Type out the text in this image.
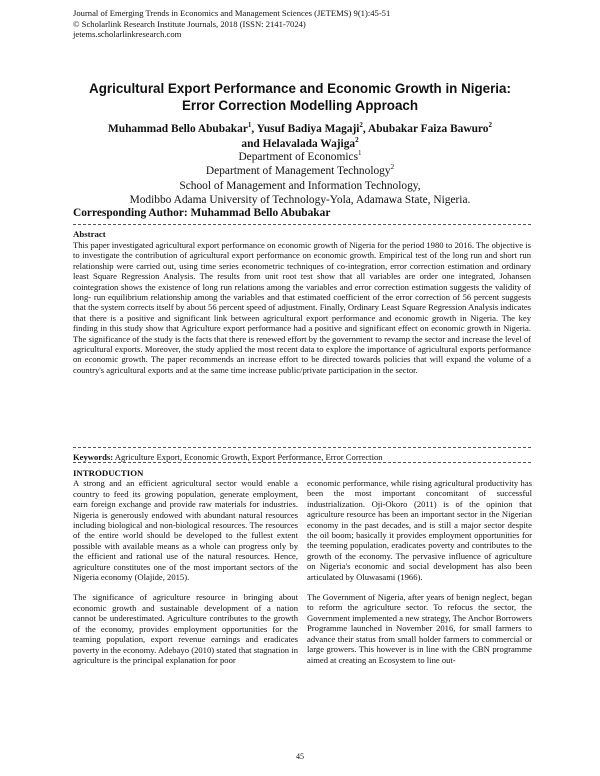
Journal of Emerging Trends in Economics and Management Sciences (JETEMS) 9(1):45-51
© Scholarlink Research Institute Journals, 2018 (ISSN: 2141-7024)
jetems.scholarlinkresearch.com
Agricultural Export Performance and Economic Growth in Nigeria:
Error Correction Modelling Approach
Muhammad Bello Abubakar$^1$, Yusuf Badiya Magaji$^2$, Abubakar Faiza Bawuro$^2$
and Helavalada Wajiga$^2$
Department of Economics$^1$
Department of Management Technology$^2$
School of Management and Information Technology,
Modibbo Adama University of Technology-Yola, Adamawa State, Nigeria.
Corresponding Author: Muhammad Bello Abubakar
Abstract
This paper investigated agricultural export performance on economic growth of Nigeria for the period 1980 to 2016. The objective is to investigate the contribution of agricultural export performance on economic growth. Empirical test of the long run and short run relationship were carried out, using time series econometric techniques of co-integration, error correction estimation and ordinary least Square Regression Analysis. The results from unit root test show that all variables are order one integrated, Johansen cointegration shows the existence of long run relations among the variables and error correction estimation suggests the validity of long- run equilibrium relationship among the variables and that estimated coefficient of the error correction of 56 percent suggests that the system corrects itself by about 56 percent speed of adjustment. Finally, Ordinary Least Square Regression Analysis indicates that there is a positive and significant link between agricultural export performance and economic growth in Nigeria. The key finding in this study show that Agriculture export performance had a positive and significant effect on economic growth in Nigeria. The significance of the study is the facts that there is renewed effort by the government to revamp the sector and increase the level of agricultural exports. Moreover, the study applied the most recent data to explore the importance of agricultural exports performance on economic growth. The paper recommends an increase effort to be directed towards policies that will expand the volume of a country's agricultural exports and at the same time increase public/private participation in the sector.
Keywords: Agriculture Export, Economic Growth, Export Performance, Error Correction
INTRODUCTION

A strong and an efficient agricultural sector would enable a country to feed its growing population, generate employment, earn foreign exchange and provide raw materials for industries. Nigeria is generously endowed with abundant natural resources including biological and non-biological resources. The resources of the entire world should be developed to the fullest extent possible with available means as a whole can progress only by the efficient and rational use of the natural resources. Hence, agriculture constitutes one of the most important sectors of the Nigeria economy (Olajide, 2015).

The significance of agriculture resource in bringing about economic growth and sustainable development of a nation cannot be underestimated. Agriculture contributes to the growth of the economy, provides employment opportunities for the teaming population, export revenue earnings and eradicates poverty in the economy. Adebayo (2010) stated that stagnation in agriculture is the principal explanation for poor

economic performance, while rising agricultural productivity has been the most important concomitant of successful industrialization. Oji-Okoro (2011) is of the opinion that agriculture resource has been an important sector in the Nigerian economy in the past decades, and is still a major sector despite the oil boom; basically it provides employment opportunities for the teeming population, eradicates poverty and contributes to the growth of the economy. The pervasive influence of agriculture on Nigeria's economic and social development has also been articulated by Oluwasami (1966).

The Government of Nigeria, after years of benign neglect, began to reform the agriculture sector. To refocus the sector, the Government implemented a new strategy, The Anchor Borrowers Programme launched in November 2016, for small farmers to advance their status from small holder farmers to commercial or large growers. This however is in line with the CBN programme aimed at creating an Ecosystem to line out-

45
